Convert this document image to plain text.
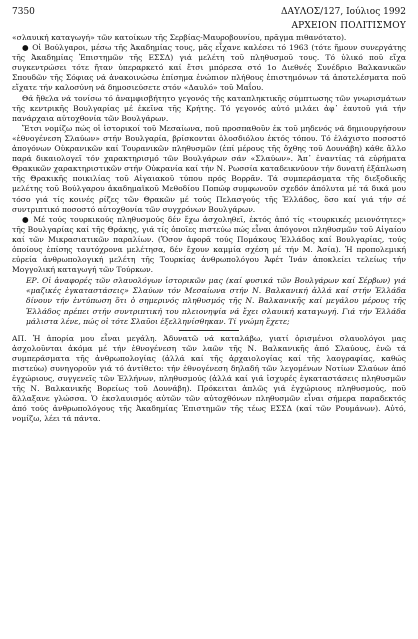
7350	ΔΑΥΛΟΣ/127, Ιούλιος 1992
ΑΡΧΕΙΟΝ ΠΟΛΙΤΙΣΜΟΥ

«σλαυική καταγωγή» τῶν κατοίκων τῆς Σερβίας-Μαυροβουνίου, πρᾶγμα πιθανότατο).

● Οἱ Βούλγαροι, μέσω τῆς Ἀκαδημίας τους, μᾶς εἶχανε καλέσει τό 1963 (τότε ἤμουν συνεργάτης τῆς Ἀκαδημίας Ἐπιστημῶν τῆς ΕΣΣΔ) γιά μελέτη τοῦ πληθυσμοῦ τους. Τό ὑλικό ποῦ εἴχα συγκεντρώσει τότε ἤταν ὑπεραρκετό καί ἔτσι μπόρεσα στό 1ο Διεθνές Συνέδριο Βαλκανικῶν Σπουδῶν τῆς Σόφιας νά ἀνακοινώσω ἐπίσημα ἐνώπιον πλήθους ἐπιστημόνων τά ἀποτελέσματα ποῦ εἴχατε τήν καλοσύνη νά δημοσιεύσετε στόν «Δαυλό» τοῦ Μαΐου.

Θά ἤθελα νά τονίσω τό ἀναμφισβήτητο γεγονός τῆς καταπληκτικῆς σύμπτωσης τῶν γνωρισμάτων τῆς κεντρικῆς Βουλγαρίας μέ ἐκεῖνα τῆς Κρήτης. Τό γεγονός αὐτό μιλάει ἀφ᾽ ἑαυτοῦ γιά τήν πανάρχαια αὐτοχθονία τῶν Βουλγάρων.

Ἔτσι νομίζω πώς οἱ ἱστορικοί τοῦ Μεσαίωνα, ποῦ προσπαθοῦν ἐκ τοῦ μηδενός νά δημιουργήσουν «ἐθνογένεση Σλαύων» στήν Βουλγαρία, βρίσκονται ὁλοσδιόλου ἐκτός τόπου. Τό ἐλάχιστο ποσοστό ἀπογόνων Οὐκρανικῶν καί Τουρανικῶν πληθυσμῶν (ἐπί μέρους τῆς ὄχθης τοῦ Δουνάβη) κάθε ἄλλο παρά δικαιολογεῖ τόν χαρακτηρισμό τῶν Βουλγάρων σάν «Σλαύων». Ἀπ᾽ ἐναντίας τά εὑρήματα Θρακικῶν χαρακτηριστικῶν στήν Οὐκρανία καί τήν Ν. Ρωσσία καταδεικνύουν τήν δυνατή ἐξάπλωση τῆς Θρακικῆς ποικιλίας τοῦ Αἰγαιακοῦ τύπου πρός Βορρᾶν. Τά συμπεράσματα τῆς διεξοδικῆς μελέτης τοῦ Βούλγαρου ἀκαδημαϊκοῦ Μεθοδίου Ποπώφ συμφωνοῦν σχεδόν ἀπόλυτα μέ τά δικά μου τόσο γιά τίς κοινές ρίζες τῶν Θρακῶν μέ τούς Πελασγούς τῆς Ἑλλάδος, ὅσο καί γιά τήν σέ συντριπτικό ποσοστό αὐτοχθονία τῶν συγχρόνων Βουλγάρων.

● Μέ τούς τουρκικούς πληθυσμούς δέν ἔχω ἀσχοληθεῖ, ἐκτός ἀπό τίς «τουρκικές μειονότητες» τῆς Βουλγαρίας καί τῆς Θράκης, γιά τίς ὁποῖες πιστεύω πώς εἶναι ἀπόγονοι πληθυσμῶν τοῦ Αἰγαίου καί τῶν Μικρασιατικῶν παραλίων. (Ὅσον ἀφορᾶ τούς Πομάκους Ἑλλάδος καί Βουλγαρίας, τούς ὁποίους ἐπίσης ταυτόχρονα μελέτησα, δέν ἔχουν καμμία σχέση μέ τήν Μ. Ἀσία). Ἡ προπολεμική εὐρεία ἀνθρωπολογική μελέτη τῆς Τουρκίας ἀνθρωπολόγου Ἀφέτ Ἰνάν ἀποκλείει τελείως τήν Μογγολική καταγωγή τῶν Τούρκων.

ΕΡ. Οἱ ἀναφορές τῶν σλαυολόγων ἱστορικῶν μας (καί φυσικά τῶν Βουλγάρων καί Σέρβων) γιά «μαζικές ἐγκαταστάσεις» Σλαύων τόν Μεσαίωνα στήν Ν. Βαλκανική ἀλλά καί στήν Ἑλλάδα δίνουν τήν ἐντύπωση ὅτι ὁ σημερινός πληθυσμός τῆς Ν. Βαλκανικῆς καί μεγάλου μέρους τῆς Ἑλλάδος πρέπει στήν συντριπτική του πλειονηψία νά ἔχει σλαυική καταγωγή. Γιά τήν Ἑλλάδα μάλιστα λένε, πώς οἱ τότε Σλαῦοι ἐξελληνίσθηκαν. Τί γνώμη ἔχετε;

ΑΠ. Ἡ ἀπορία μου εἶναι μεγάλη. Ἀδυνατῶ νά καταλάβω, γιατί ὁρισμένοι σλαυολόγοι μας ἀσχολοῦνται ἀκόμα μέ τήν ἐθνογένεση τῶν λαῶν τῆς Ν. Βαλκανικῆς ἀπό Σλαύους, ἐνῶ τά συμπεράσματα τῆς ἀνθρωπολογίας (ἀλλά καί τῆς ἀρχαιολογίας καί τῆς λαογραφίας, καθώς πιστεύω) συνηγοροῦν γιά τό ἀντίθετο: τήν ἐθνογένεση δηλαδή τῶν λεγομένων Νοτίων Σλαύων ἀπό ἐγχώριους, συγγενεῖς τῶν Ἑλλήνων, πληθυσμούς (ἀλλά καί γιά ἰσχυρές ἐγκαταστάσεις πληθυσμῶν τῆς Ν. Βαλκανικῆς Βορείως τοῦ Δουνάβη). Πρόκειται ἁπλῶς γιά ἐγχώριους πληθυσμούς, ποῦ ἄλλαξανε γλώσσα. Ὁ ἐκσλαυισμός αὐτῶν τῶν αὐτοχθόνων πληθυσμῶν εἶναι σήμερα παραδεκτός ἀπό τούς ἀνθρωπολόγους τῆς Ἀκαδημίας Ἐπιστημῶν τῆς τέως ΕΣΣΔ (καί τῶν Ρουμάνων). Αὐτό, νομίζω, λέει τά πάντα.
